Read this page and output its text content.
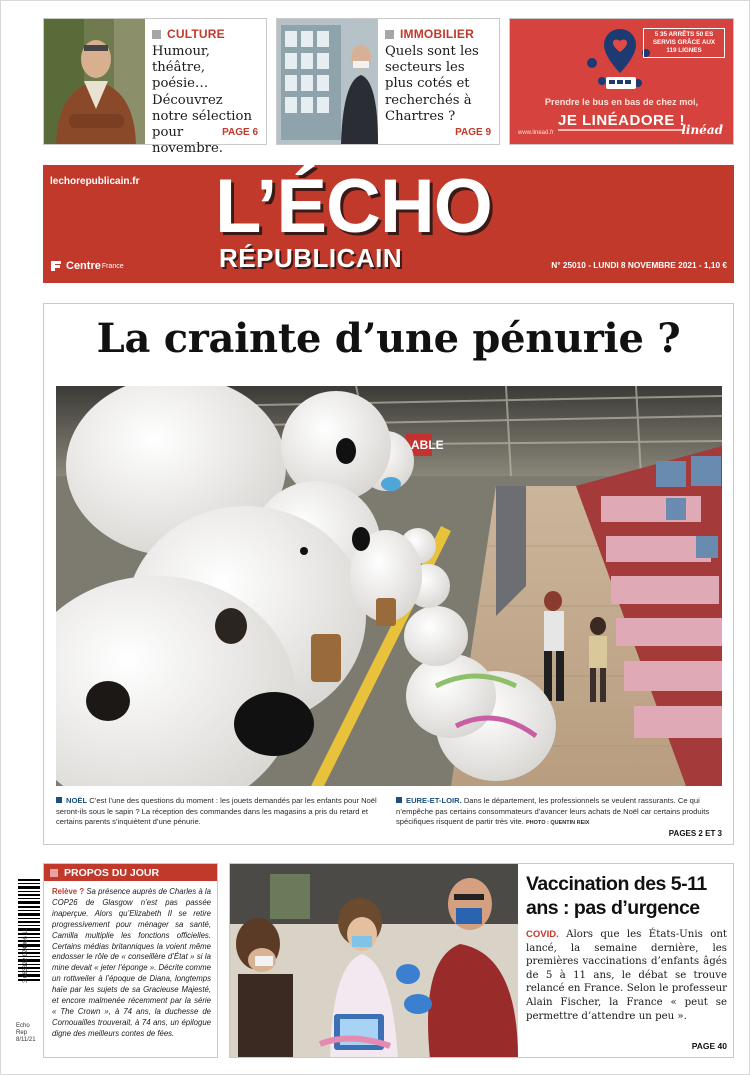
CULTURE
Humour, théâtre, poésie… Découvrez notre sélection pour novembre.
PAGE 6
IMMOBILIER
Quels sont les secteurs les plus cotés et recherchés à Chartres ?
PAGE 9
5 35 ARRÊTS 50 ES SERVIS GRÂCE AUX 119 LIGNES
Prendre le bus en bas de chez moi,
JE LINÉADORE !
www.linead.fr	linéad
lechorepublicain.fr L’ÉCHO
RÉPUBLICAIN
Centre France	N° 25010 - LUNDI 8 NOVEMBRE 2021 - 1,10 €
La crainte d’une pénurie ?
ABLE
NOËL C’est l’une des questions du moment : les jouets demandés par les enfants pour Noël seront-ils sous le sapin ? La réception des commandes dans les magasins a pris du retard et certains parents s’inquiètent d’une pénurie.
EURE-ET-LOIR. Dans le département, les professionnels se veulent rassurants. Ce qui n’empêche pas certains consommateurs d’avancer leurs achats de Noël car certains produits spécifiques risquent de partir très vite. PHOTO : QUENTIN REIX
PAGES 2 ET 3
3 663322 024006 11
Echo Rep 8/11/21
PROPOS DU JOUR
Relève ? Sa présence auprès de Charles à la COP26 de Glasgow n’est pas passée inaperçue. Alors qu’Elizabeth II se retire progressivement pour ménager sa santé, Camilla multiplie les fonctions officielles. Certains médias britanniques la voient même endosser le rôle de « conseillère d’État » si la mine devait « jeter l’éponge ». Décrite comme un rottweiler à l’époque de Diana, longtemps haïe par les sujets de sa Gracieuse Majesté, et encore malmenée récemment par la série « The Crown », à 74 ans, la duchesse de Cornouailles trouverait, à 74 ans, un épilogue digne des meilleurs contes de fées.
Vaccination des 5-11 ans : pas d’urgence
COVID. Alors que les États-Unis ont lancé, la semaine dernière, les premières vaccinations d’enfants âgés de 5 à 11 ans, le débat se trouve relancé en France. Selon le professeur Alain Fischer, la France « peut se permettre d’attendre un peu ».
PAGE 40
